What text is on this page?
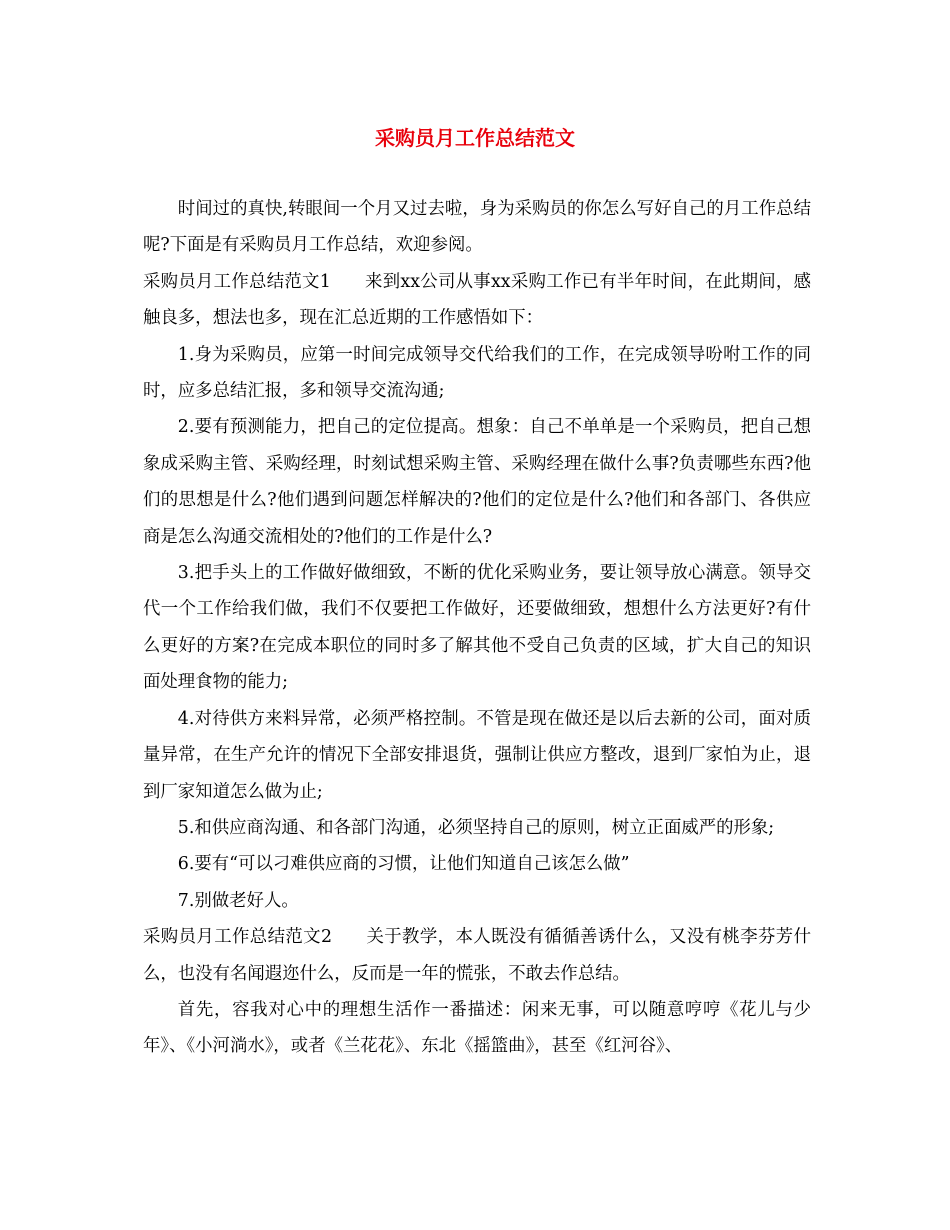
采购员月工作总结范文

时间过的真快,转眼间一个月又过去啦，身为采购员的你怎么写好自己的月工作总结呢?下面是有采购员月工作总结，欢迎参阅。

采购员月工作总结范文1 来到xx公司从事xx采购工作已有半年时间，在此期间，感触良多，想法也多，现在汇总近期的工作感悟如下：

1.身为采购员，应第一时间完成领导交代给我们的工作，在完成领导吩咐工作的同时，应多总结汇报，多和领导交流沟通;

2.要有预测能力，把自己的定位提高。想象：自己不单单是一个采购员，把自己想象成采购主管、采购经理，时刻试想采购主管、采购经理在做什么事?负责哪些东西?他们的思想是什么?他们遇到问题怎样解决的?他们的定位是什么?他们和各部门、各供应商是怎么沟通交流相处的?他们的工作是什么?

3.把手头上的工作做好做细致，不断的优化采购业务，要让领导放心满意。领导交代一个工作给我们做，我们不仅要把工作做好，还要做细致，想想什么方法更好?有什么更好的方案?在完成本职位的同时多了解其他不受自己负责的区域，扩大自己的知识面处理食物的能力;

4.对待供方来料异常，必须严格控制。不管是现在做还是以后去新的公司，面对质量异常，在生产允许的情况下全部安排退货，强制让供应方整改，退到厂家怕为止，退到厂家知道怎么做为止;

5.和供应商沟通、和各部门沟通，必须坚持自己的原则，树立正面威严的形象;

6.要有“可以刁难供应商的习惯，让他们知道自己该怎么做”

7.别做老好人。

采购员月工作总结范文2 关于教学，本人既没有循循善诱什么，又没有桃李芬芳什么，也没有名闻遐迩什么，反而是一年的慌张，不敢去作总结。

首先，容我对心中的理想生活作一番描述：闲来无事，可以随意哼哼《花儿与少年》、《小河淌水》，或者《兰花花》、东北《摇篮曲》，甚至《红河谷》、
